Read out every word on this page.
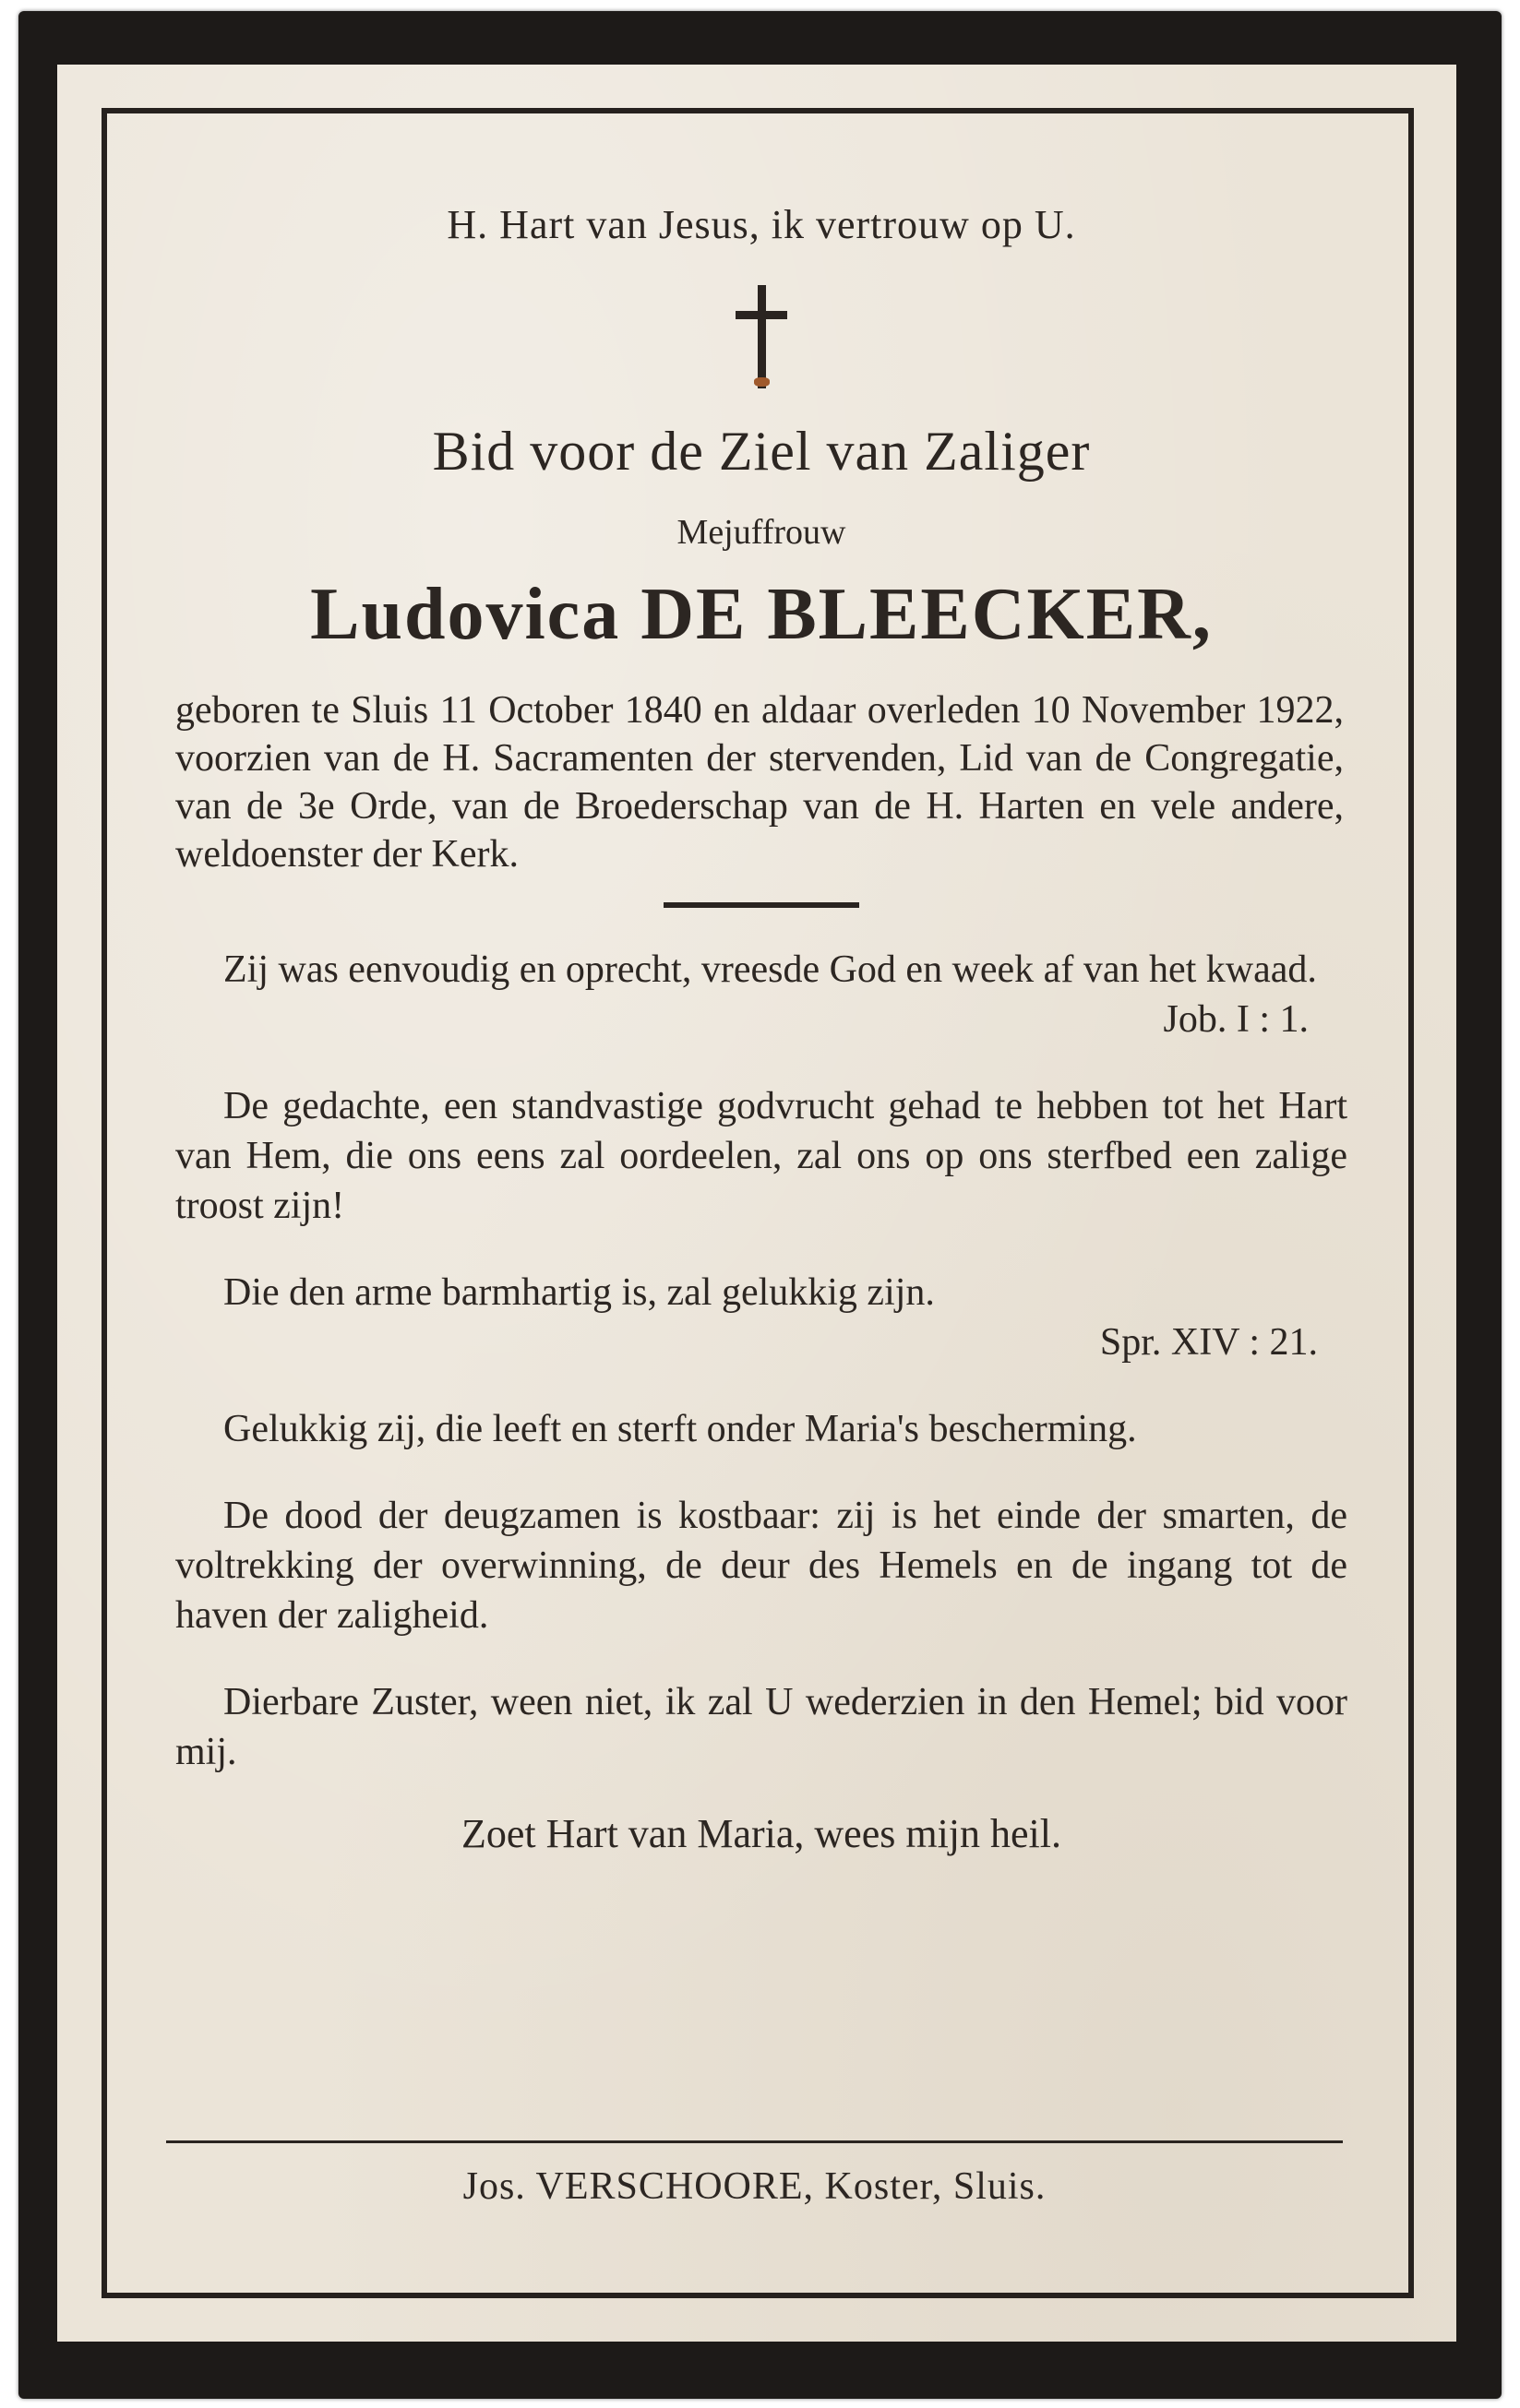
H. Hart van Jesus, ik vertrouw op U.

Bid voor de Ziel van Zaliger

Mejuffrouw

Ludovica DE BLEECKER,

geboren te Sluis 11 October 1840 en aldaar overleden 10 November 1922, voorzien van de H. Sacramenten der stervenden, Lid van de Congregatie, van de 3e Orde, van de Broederschap van de H. Harten en vele andere, weldoenster der Kerk.

Zij was eenvoudig en oprecht, vreesde God en week af van het kwaad.
Job. I : 1.

De gedachte, een standvastige godvrucht gehad te hebben tot het Hart van Hem, die ons eens zal oordeelen, zal ons op ons sterfbed een zalige troost zijn!

Die den arme barmhartig is, zal gelukkig zijn.

Spr. XIV : 21.

Gelukkig zij, die leeft en sterft onder Maria's bescherming.

De dood der deugzamen is kostbaar: zij is het einde der smarten, de voltrekking der overwinning, de deur des Hemels en de ingang tot de haven der zaligheid.

Dierbare Zuster, ween niet, ik zal U wederzien in den Hemel; bid voor mij.

Zoet Hart van Maria, wees mijn heil.

Jos. VERSCHOORE, Koster, Sluis.
